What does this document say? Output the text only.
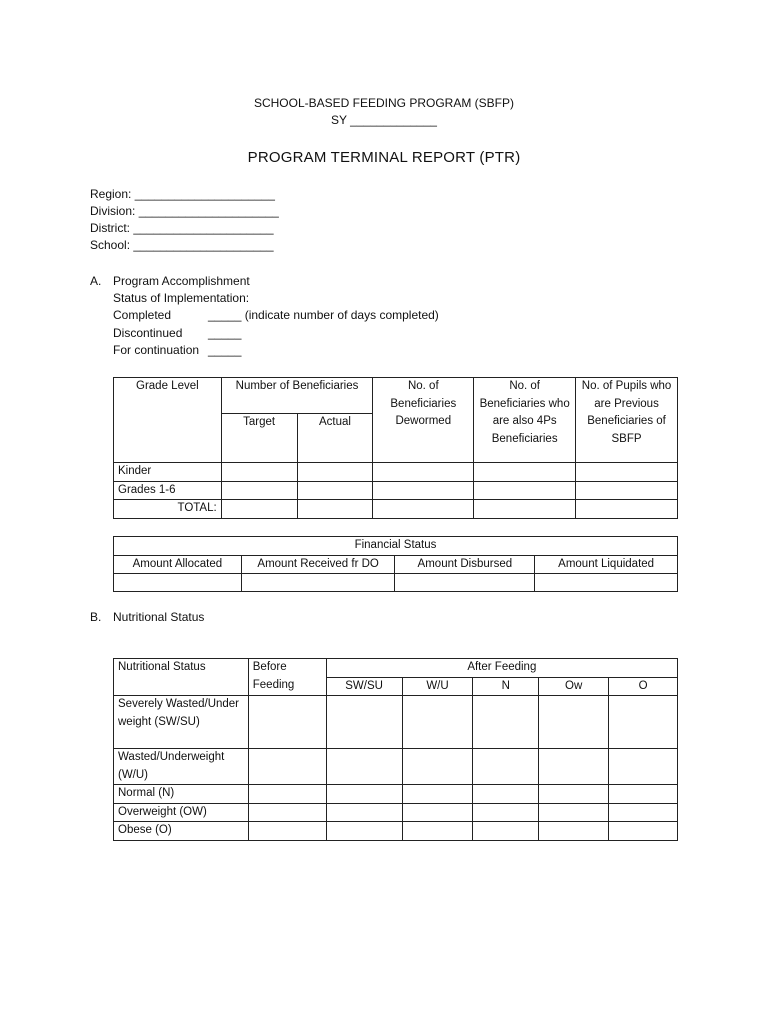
SCHOOL-BASED FEEDING PROGRAM (SBFP)
SY _____________
PROGRAM TERMINAL REPORT (PTR)
Region: _____________________
Division: _____________________
District: _____________________
School: _____________________
A. Program Accomplishment
Status of Implementation:
Completed	_____ (indicate number of days completed)
Discontinued _____
For continuation _____
Grade Level	Number of Beneficiaries		No. of Beneficiaries Dewormed	No. of Beneficiaries who are also 4Ps Beneficiaries	No. of Pupils who are Previous Beneficiaries of SBFP
	Target	Actual			
Kinder					
Grades 1-6					
TOTAL:					
Financial Status			
Amount Allocated	Amount Received fr DO	Amount Disbursed	Amount Liquidated

B. Nutritional Status
Nutritional Status	Before Feeding	After Feeding				
		SW/SU	W/U	N	Ow	O
Severely Wasted/Underweight (SW/SU)						
Wasted/Underweight (W/U)						
Normal (N)						
Overweight (OW)						
Obese (O)						
